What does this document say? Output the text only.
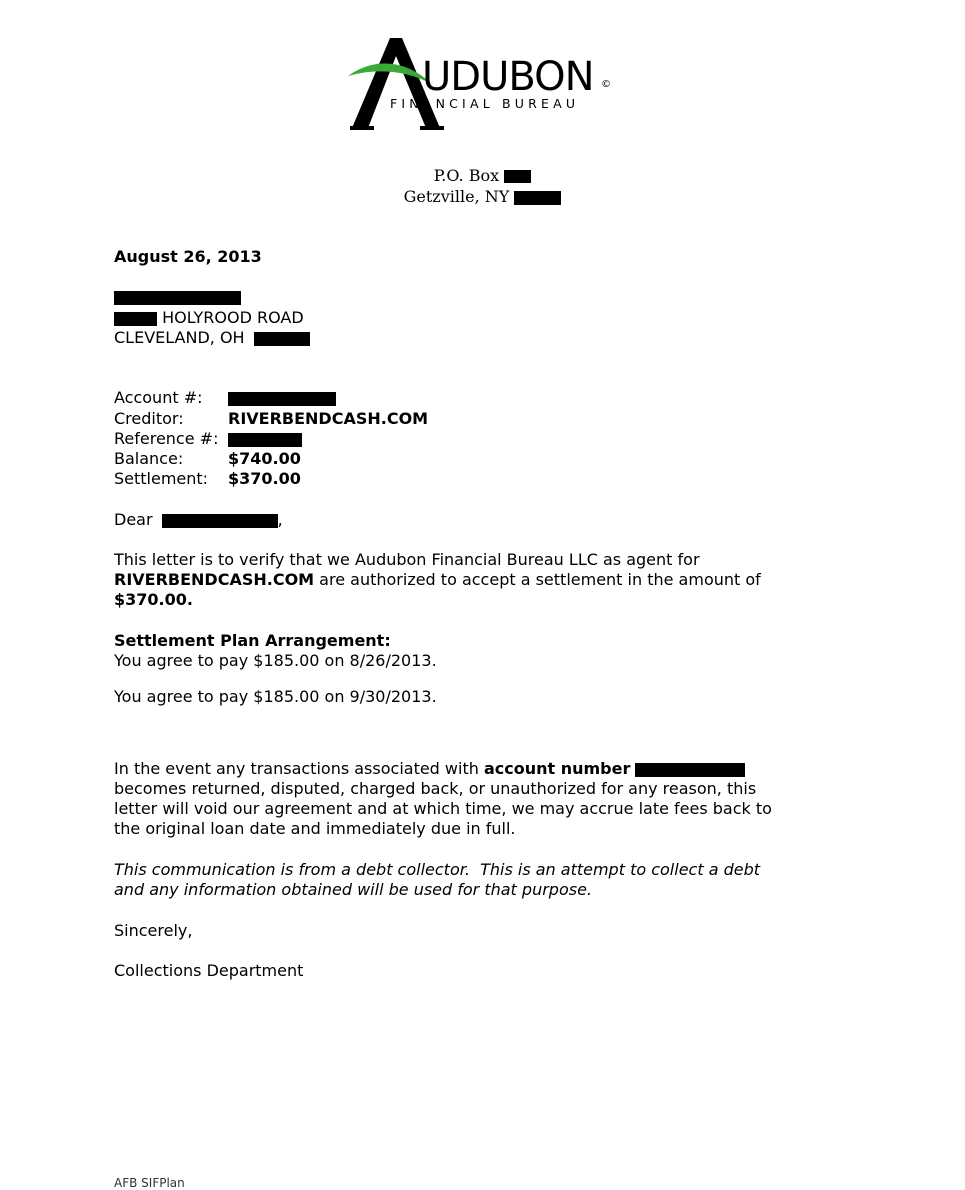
UDUBON
FINANCIAL BUREAU
©
P.O. Box
Getzville, NY
August 26, 2013
HOLYROOD ROAD
CLEVELAND, OH
Account #:
Creditor:	RIVERBENDCASH.COM
Reference #:
Balance:	$740.00
Settlement: $370.00
Dear	,
This letter is to verify that we Audubon Financial Bureau LLC as agent for
RIVERBENDCASH.COM are authorized to accept a settlement in the amount of
$370.00.
Settlement Plan Arrangement:
You agree to pay $185.00 on 8/26/2013.
You agree to pay $185.00 on 9/30/2013.
In the event any transactions associated with account number
becomes returned, disputed, charged back, or unauthorized for any reason, this
letter will void our agreement and at which time, we may accrue late fees back to
the original loan date and immediately due in full.
This communication is from a debt collector.  This is an attempt to collect a debt
and any information obtained will be used for that purpose.
Sincerely,
Collections Department
AFB SIFPlan
